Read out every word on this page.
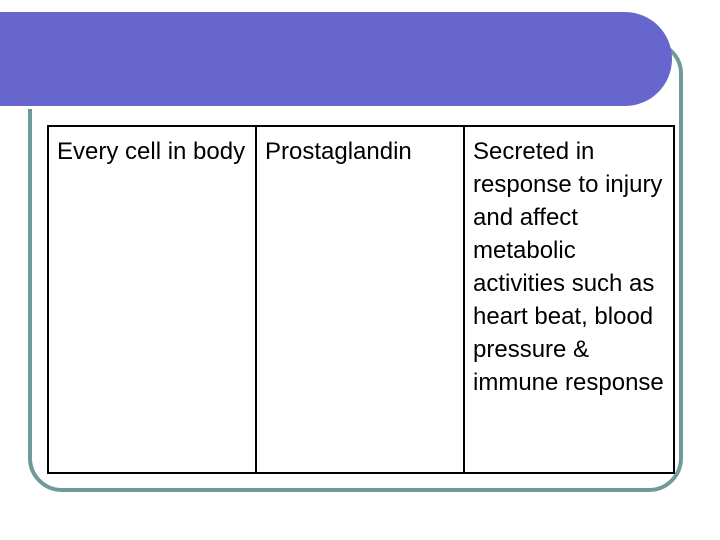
Every cell in body Prostaglandin	Secreted in response to injury and affect metabolic activities such as heart beat, blood pressure & immune response
